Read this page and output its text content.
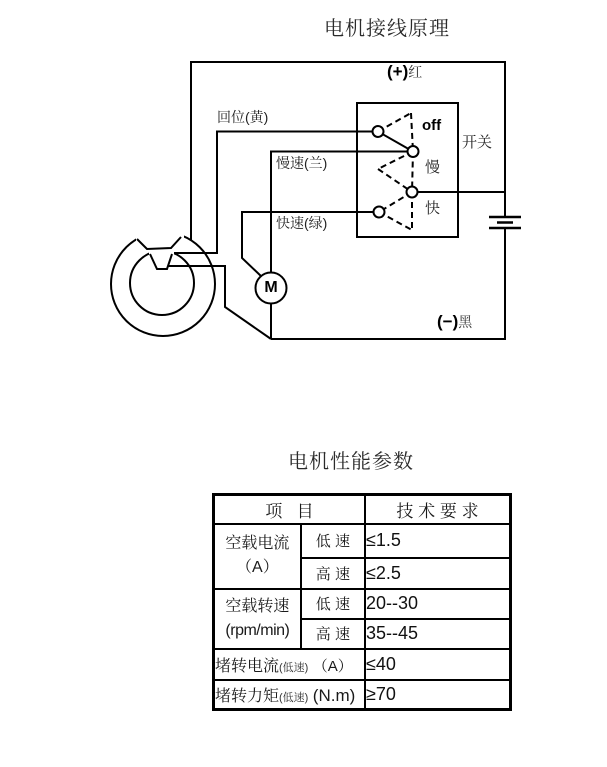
电机接线原理
(+)红
(−)黑
回位(黄)
慢速(兰)
快速(绿)
off
慢
快
开关
M
电机性能参数
项   目		技 术 要 求

空载电流
（A）	低 速	≤1.5
	高 速	≤2.5

空载转速
(rpm/min)	低 速	20--30
	高 速	35--45
堵转电流(低速) （A）		≤40
堵转力矩(低速) (N.m)		≥70
